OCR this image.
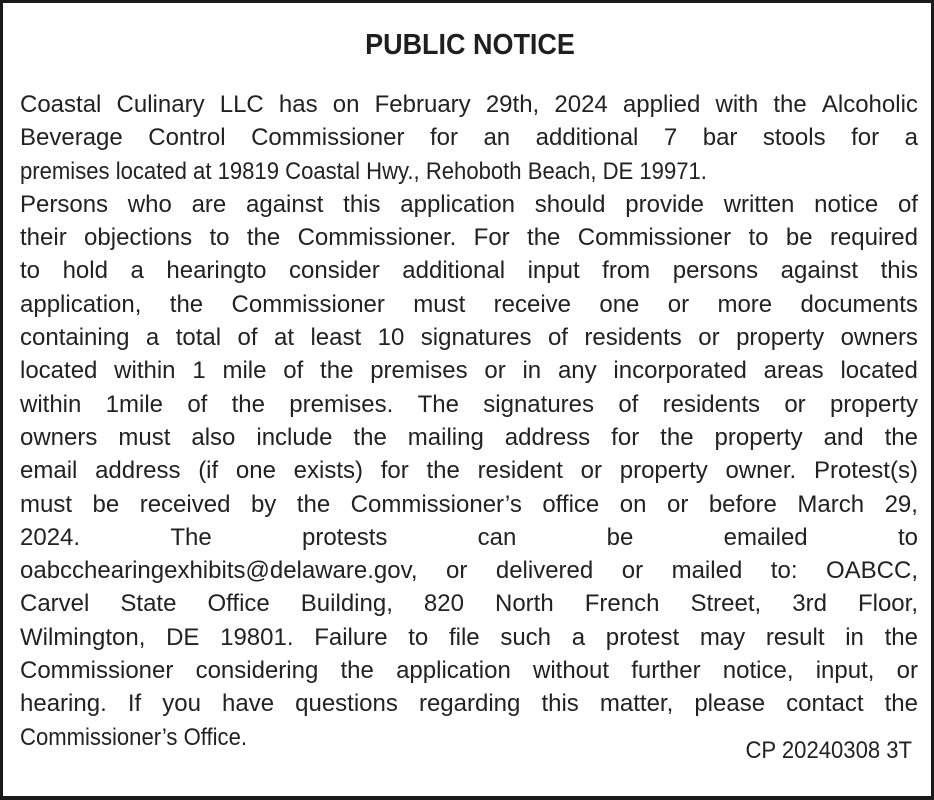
PUBLIC NOTICE
Coastal Culinary LLC has on February 29th, 2024 applied with the Alcoholic
Beverage Control Commissioner for an additional 7 bar stools for a
premises located at 19819 Coastal Hwy., Rehoboth Beach, DE 19971.
Persons who are against this application should provide written notice of
their objections to the Commissioner. For the Commissioner to be required
to hold a hearingto consider additional input from persons against this
application, the Commissioner must receive one or more documents
containing a total of at least 10 signatures of residents or property owners
located within 1 mile of the premises or in any incorporated areas located
within 1mile of the premises. The signatures of residents or property
owners must also include the mailing address for the property and the
email address (if one exists) for the resident or property owner. Protest(s)
must be received by the Commissioner’s office on or before March 29,
2024.	The	protests	can	be	emailed	to
oabcchearingexhibits@delaware.gov, or delivered or mailed to: OABCC,
Carvel State Office Building, 820 North French Street, 3rd Floor,
Wilmington, DE 19801. Failure to file such a protest may result in the
Commissioner considering the application without further notice, input, or
hearing. If you have questions regarding this matter, please contact the
Commissioner’s Office.	CP 20240308 3T
